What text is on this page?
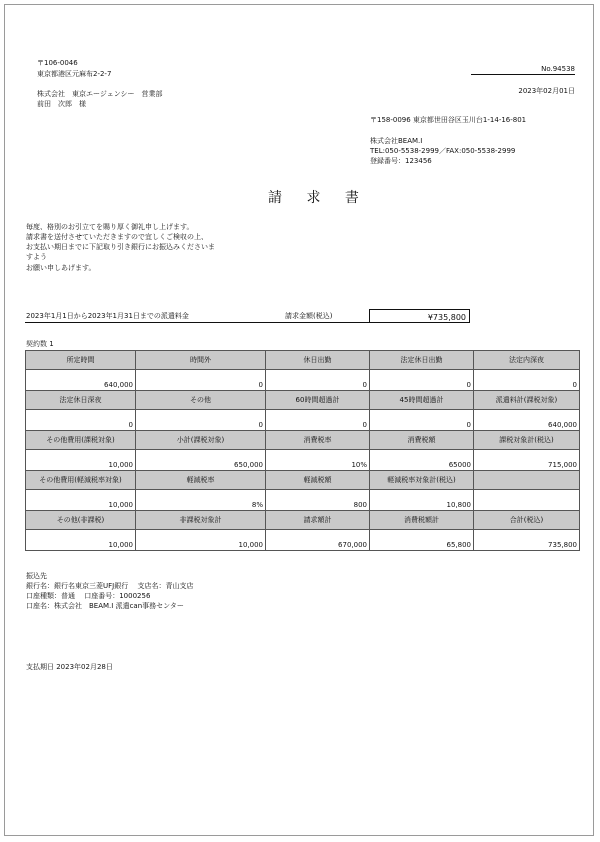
〒106-0046
東京都港区元麻布2-2-7
株式会社　東京エージェンシー　営業部
前田　次郎　様
No.94538
2023年02月01日
〒158-0096 東京都世田谷区玉川台1-14-16-801
株式会社BEAM.I
TEL:050-5538-2999／FAX:050-5538-2999
登録番号：123456
請 求 書
毎度、格別のお引立てを賜り厚く御礼申し上げます。
請求書を送付させていただきますので宜しくご検収の上、
お支払い期日までに下記取り引き銀行にお振込みくださいま
すよう
お願い申しあげます。
2023年1月1日から2023年1月31日までの派遣料金	請求金額(税込)	¥735,800
契約数 1
所定時間	時間外	休日出勤	法定休日出勤	法定内深夜
640,000	0	0	0	0
法定休日深夜	その他	60時間超過計	45時間超過計	派遣料計(課税対象)
0	0	0	0	640,000
その他費用(課税対象)	小計(課税対象)	消費税率	消費税額	課税対象計(税込)
10,000	650,000	10%	65000	715,000
その他費用(軽減税率対象)	軽減税率	軽減税額	軽減税率対象計(税込)	
10,000	8%	800	10,800	
その他(非課税)	非課税対象計	請求額計	消費税額計	合計(税込)
10,000	10,000	670,000	65,800	735,800
振込先
銀行名：銀行名東京三菱UFJ銀行　 支店名：青山支店
口座種類：普通　 口座番号：1000256
口座名：株式会社　BEAM.I 派遣can事務センター
支払期日 2023年02月28日
